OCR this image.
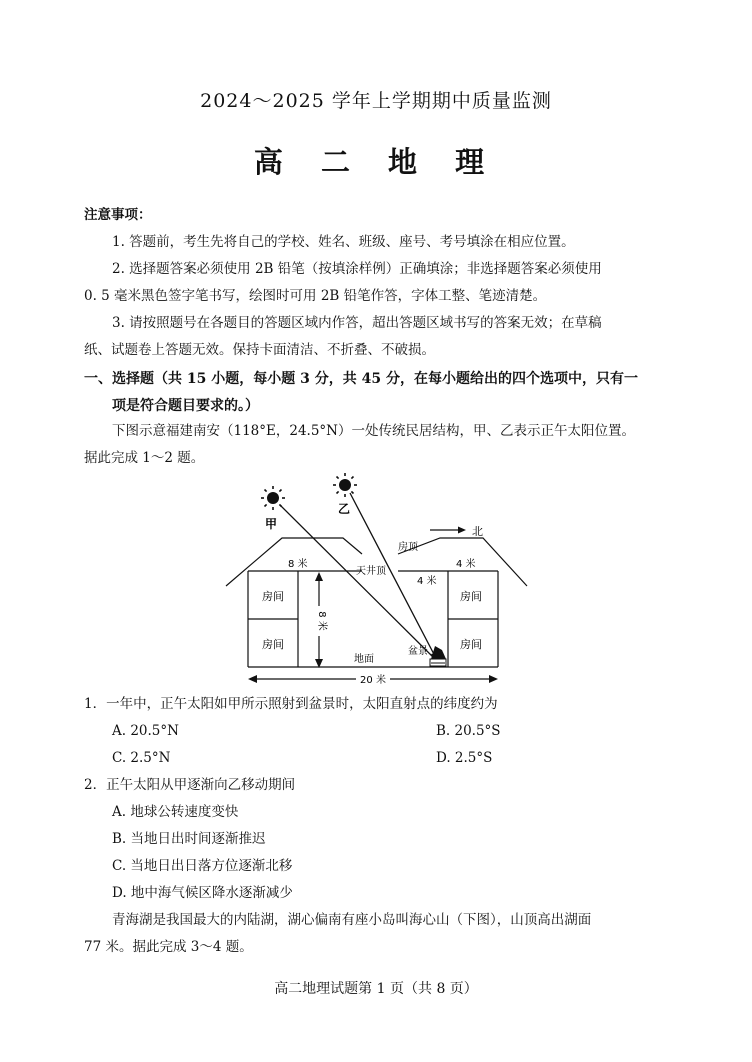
2024～2025 学年上学期期中质量监测
高 二 地 理
注意事项：
1. 答题前，考生先将自己的学校、姓名、班级、座号、考号填涂在相应位置。
2. 选择题答案必须使用 2B 铅笔（按填涂样例）正确填涂；非选择题答案必须使用
0. 5 毫米黑色签字笔书写，绘图时可用 2B 铅笔作答，字体工整、笔迹清楚。
3. 请按照题号在各题目的答题区域内作答，超出答题区域书写的答案无效；在草稿
纸、试题卷上答题无效。保持卡面清洁、不折叠、不破损。
一、选择题（共 15 小题，每小题 3 分，共 45 分，在每小题给出的四个选项中，只有一
项是符合题目要求的。）
下图示意福建南安（118°E，24.5°N）一处传统民居结构，甲、乙表示正午太阳位置。
据此完成 1～2 题。
甲
乙
北
8 米
房间
房间
8 米
天井顶
房顶
4 米
4 米
房间
房间
地面
盆景
20 米
1．一年中，正午太阳如甲所示照射到盆景时，太阳直射点的纬度约为
A. 20.5°N	B. 20.5°S
C. 2.5°N	D. 2.5°S
2．正午太阳从甲逐渐向乙移动期间
A. 地球公转速度变快
B. 当地日出时间逐渐推迟
C. 当地日出日落方位逐渐北移
D. 地中海气候区降水逐渐减少
青海湖是我国最大的内陆湖，湖心偏南有座小岛叫海心山（下图），山顶高出湖面
77 米。据此完成 3～4 题。
高二地理试题第 1 页（共 8 页）
